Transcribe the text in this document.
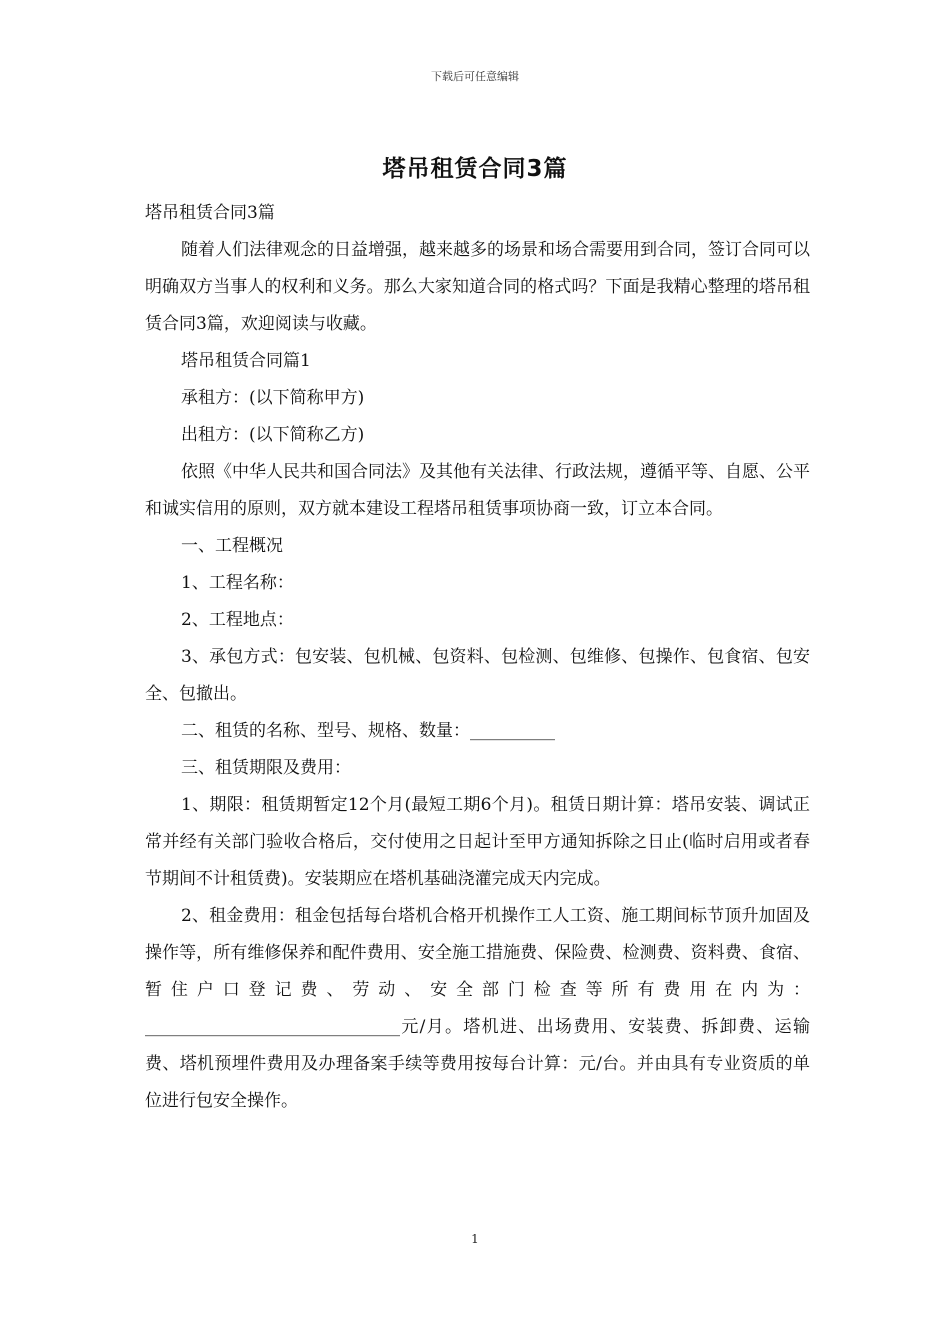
下载后可任意编辑
塔吊租赁合同3篇

塔吊租赁合同3篇

随着人们法律观念的日益增强，越来越多的场景和场合需要用到合同，签订合同可以明确双方当事人的权利和义务。那么大家知道合同的格式吗？下面是我精心整理的塔吊租赁合同3篇，欢迎阅读与收藏。

塔吊租赁合同篇1

承租方：(以下简称甲方)

出租方：(以下简称乙方)

依照《中华人民共和国合同法》及其他有关法律、行政法规，遵循平等、自愿、公平和诚实信用的原则，双方就本建设工程塔吊租赁事项协商一致，订立本合同。

一、工程概况

1、工程名称：

2、工程地点：

3、承包方式：包安装、包机械、包资料、包检测、包维修、包操作、包食宿、包安全、包撤出。

二、租赁的名称、型号、规格、数量：__________

三、租赁期限及费用：

1、期限：租赁期暂定12个月(最短工期6个月)。租赁日期计算：塔吊安装、调试正常并经有关部门验收合格后，交付使用之日起计至甲方通知拆除之日止(临时启用或者春节期间不计租赁费)。安装期应在塔机基础浇灌完成天内完成。

2、租金费用：租金包括每台塔机合格开机操作工人工资、施工期间标节顶升加固及操作等，所有维修保养和配件费用、安全施工措施费、保险费、检测费、资料费、食宿、暂住户口登记费、劳动、安全部门检查等所有费用在内为：______________________________元/月。塔机进、出场费用、安装费、拆卸费、运输费、塔机预埋件费用及办理备案手续等费用按每台计算：元/台。并由具有专业资质的单位进行包安全操作。

1
